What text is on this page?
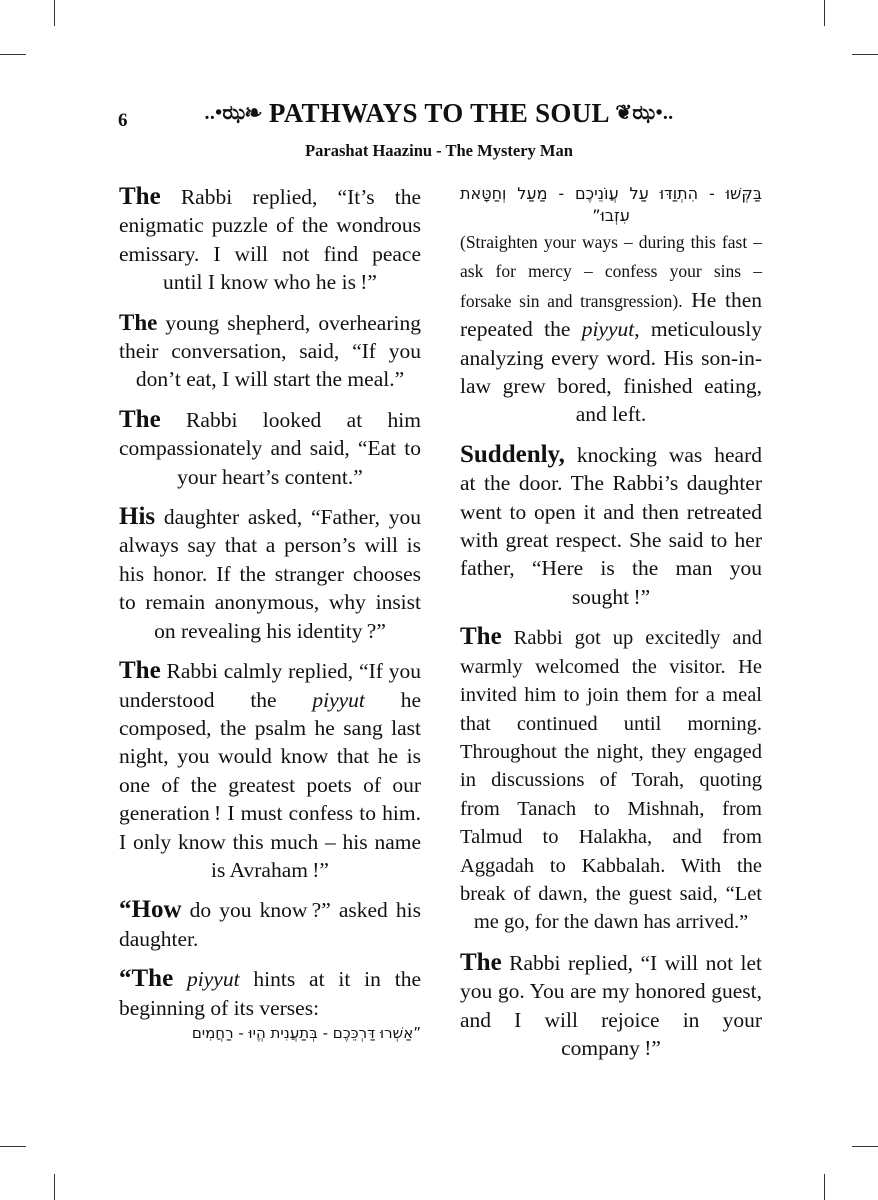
6	..•ಝ❧ PATHWAYS TO THE SOUL ❦ಝ•..
Parashat Haazinu - The Mystery Man

The Rabbi replied, “It’s the enigmatic puzzle of the wondrous emissary. I will not find peace until I know who he is !”

The young shepherd, overhearing their conversation, said, “If you don’t eat, I will start the meal.”

The Rabbi looked at him compassionately and said, “Eat to your heart’s content.”

His daughter asked, “Father, you always say that a person’s will is his honor. If the stranger chooses to remain anonymous, why insist on revealing his identity ?”

The Rabbi calmly replied, “If you understood the piyyut he composed, the psalm he sang last night, you would know that he is one of the greatest poets of our generation ! I must confess to him. I only know this much – his name is Avraham !”

“How do you know ?” asked his daughter.

“The piyyut hints at it in the beginning of its verses:

”אַשְׁרוּ דַּרְכֵּכֶם - בְּתַעֲנִית הֱיוּ - רַחֲמִים

בַּקְּשׁוּ - הִתְוַדּוּ עַל עֲוֹנֵיכֶם - מַעַל וְחַטָּאת עִזְבוּ”

(Straighten your ways – during this fast – ask for mercy – confess your sins – forsake sin and transgression). He then repeated the piyyut, meticulously analyzing every word. His son-in-law grew bored, finished eating, and left.

Suddenly, knocking was heard at the door. The Rabbi’s daughter went to open it and then retreated with great respect. She said to her father, “Here is the man you sought !”

The Rabbi got up excitedly and warmly welcomed the visitor. He invited him to join them for a meal that continued until morning. Throughout the night, they engaged in discussions of Torah, quoting from Tanach to Mishnah, from Talmud to Halakha, and from Aggadah to Kabbalah. With the break of dawn, the guest said, “Let me go, for the dawn has arrived.”

The Rabbi replied, “I will not let you go. You are my honored guest, and I will rejoice in your company !”
